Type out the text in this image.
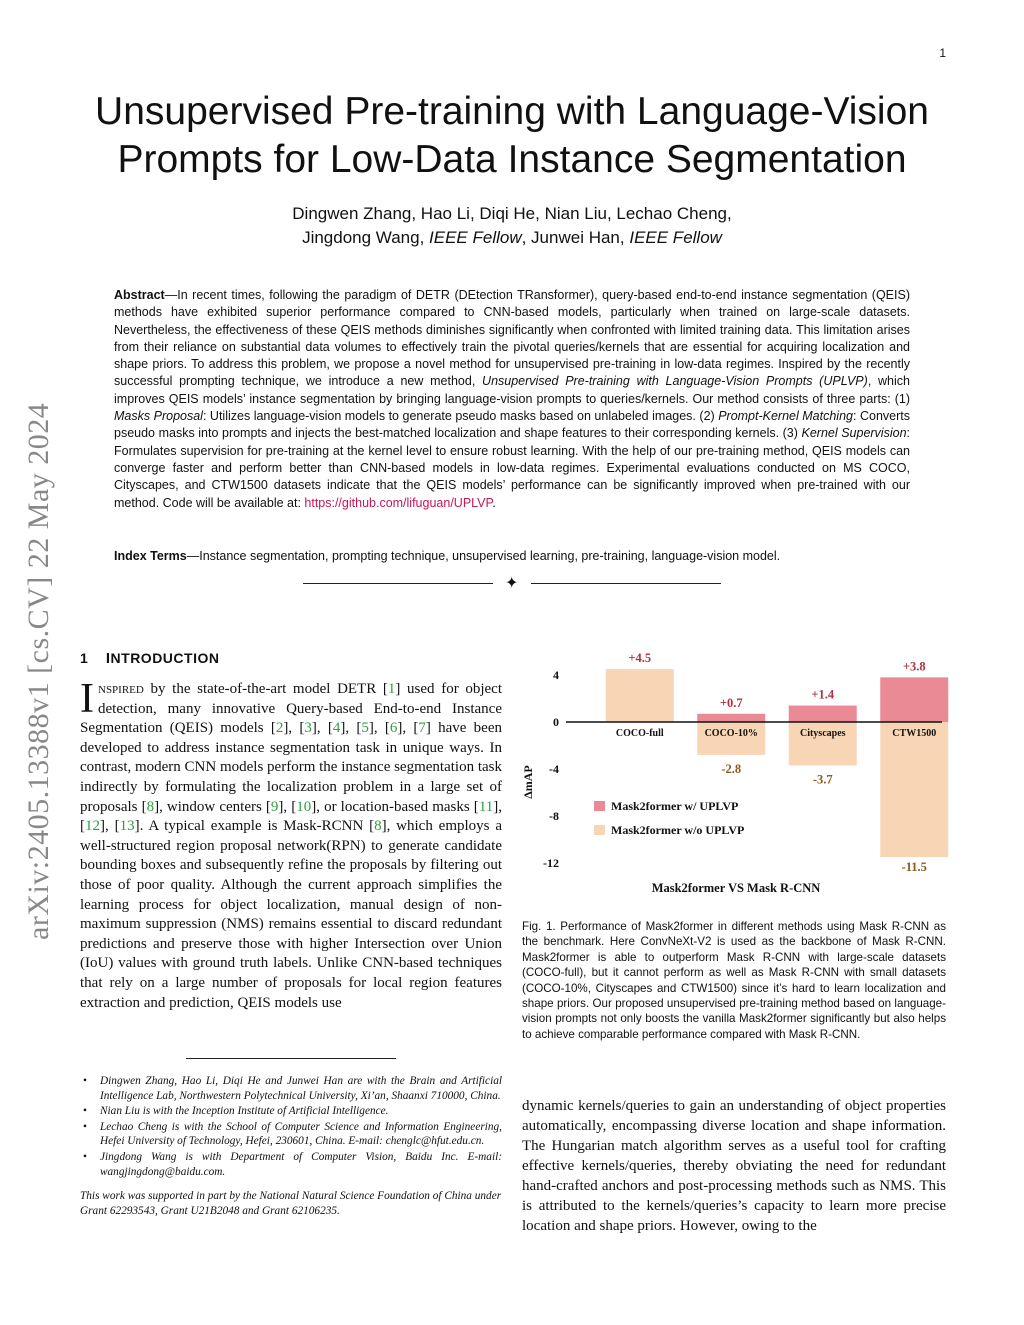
1
arXiv:2405.13388v1 [cs.CV] 22 May 2024
Unsupervised Pre-training with Language-Vision Prompts for Low-Data Instance Segmentation
Dingwen Zhang, Hao Li, Diqi He, Nian Liu, Lechao Cheng,
Jingdong Wang, IEEE Fellow, Junwei Han, IEEE Fellow
Abstract—In recent times, following the paradigm of DETR (DEtection TRansformer), query-based end-to-end instance segmentation (QEIS) methods have exhibited superior performance compared to CNN-based models, particularly when trained on large-scale datasets. Nevertheless, the effectiveness of these QEIS methods diminishes significantly when confronted with limited training data. This limitation arises from their reliance on substantial data volumes to effectively train the pivotal queries/kernels that are essential for acquiring localization and shape priors. To address this problem, we propose a novel method for unsupervised pre-training in low-data regimes. Inspired by the recently successful prompting technique, we introduce a new method, Unsupervised Pre-training with Language-Vision Prompts (UPLVP), which improves QEIS models’ instance segmentation by bringing language-vision prompts to queries/kernels. Our method consists of three parts: (1) Masks Proposal: Utilizes language-vision models to generate pseudo masks based on unlabeled images. (2) Prompt-Kernel Matching: Converts pseudo masks into prompts and injects the best-matched localization and shape features to their corresponding kernels. (3) Kernel Supervision: Formulates supervision for pre-training at the kernel level to ensure robust learning. With the help of our pre-training method, QEIS models can converge faster and perform better than CNN-based models in low-data regimes. Experimental evaluations conducted on MS COCO, Cityscapes, and CTW1500 datasets indicate that the QEIS models’ performance can be significantly improved when pre-trained with our method. Code will be available at: https://github.com/lifuguan/UPLVP.
Index Terms—Instance segmentation, prompting technique, unsupervised learning, pre-training, language-vision model.
✦
1 INTRODUCTION
Inspired by the state-of-the-art model DETR [1] used for object detection, many innovative Query-based End-to-end Instance Segmentation (QEIS) models [2], [3], [4], [5], [6], [7] have been developed to address instance segmentation task in unique ways. In contrast, modern CNN models perform the instance segmentation task indirectly by formulating the localization problem in a large set of proposals [8], window centers [9], [10], or location-based masks [11], [12], [13]. A typical example is Mask-RCNN [8], which employs a well-structured region proposal network(RPN) to generate candidate bounding boxes and subsequently refine the proposals by filtering out those of poor quality. Although the current approach simplifies the learning process for object localization, manual design of non-maximum suppression (NMS) remains essential to discard redundant predictions and preserve those with higher Intersection over Union (IoU) values with ground truth labels. Unlike CNN-based techniques that rely on a large number of proposals for local region features extraction and prediction, QEIS models use
• Dingwen Zhang, Hao Li, Diqi He and Junwei Han are with the Brain and Artificial Intelligence Lab, Northwestern Polytechnical University, Xi’an, Shaanxi 710000, China.
• Nian Liu is with the Inception Institute of Artificial Intelligence.
• Lechao Cheng is with the School of Computer Science and Information Engineering, Hefei University of Technology, Hefei, 230601, China. E-mail: chenglc@hfut.edu.cn.
• Jingdong Wang is with Department of Computer Vision, Baidu Inc. E-mail: wangjingdong@baidu.com.
This work was supported in part by the National Natural Science Foundation of China under Grant 62293543, Grant U21B2048 and Grant 62106235.
4
0
-4
-8
-12
ΔmAP
Mask2former VS Mask R-CNN
Mask2former w/ UPLVP
Mask2former w/o UPLVP
COCO-full
+4.5
COCO-10%
+0.7
-2.8
Cityscapes
+1.4
-3.7
CTW1500
+3.8
-11.5
Fig. 1. Performance of Mask2former in different methods using Mask R-CNN as the benchmark. Here ConvNeXt-V2 is used as the backbone of Mask R-CNN. Mask2former is able to outperform Mask R-CNN with large-scale datasets (COCO-full), but it cannot perform as well as Mask R-CNN with small datasets (COCO-10%, Cityscapes and CTW1500) since it’s hard to learn localization and shape priors. Our proposed unsupervised pre-training method based on language-vision prompts not only boosts the vanilla Mask2former significantly but also helps to achieve comparable performance compared with Mask R-CNN.
dynamic kernels/queries to gain an understanding of object properties automatically, encompassing diverse location and shape information. The Hungarian match algorithm serves as a useful tool for crafting effective kernels/queries, thereby obviating the need for redundant hand-crafted anchors and post-processing methods such as NMS. This is attributed to the kernels/queries’s capacity to learn more precise location and shape priors. However, owing to the
